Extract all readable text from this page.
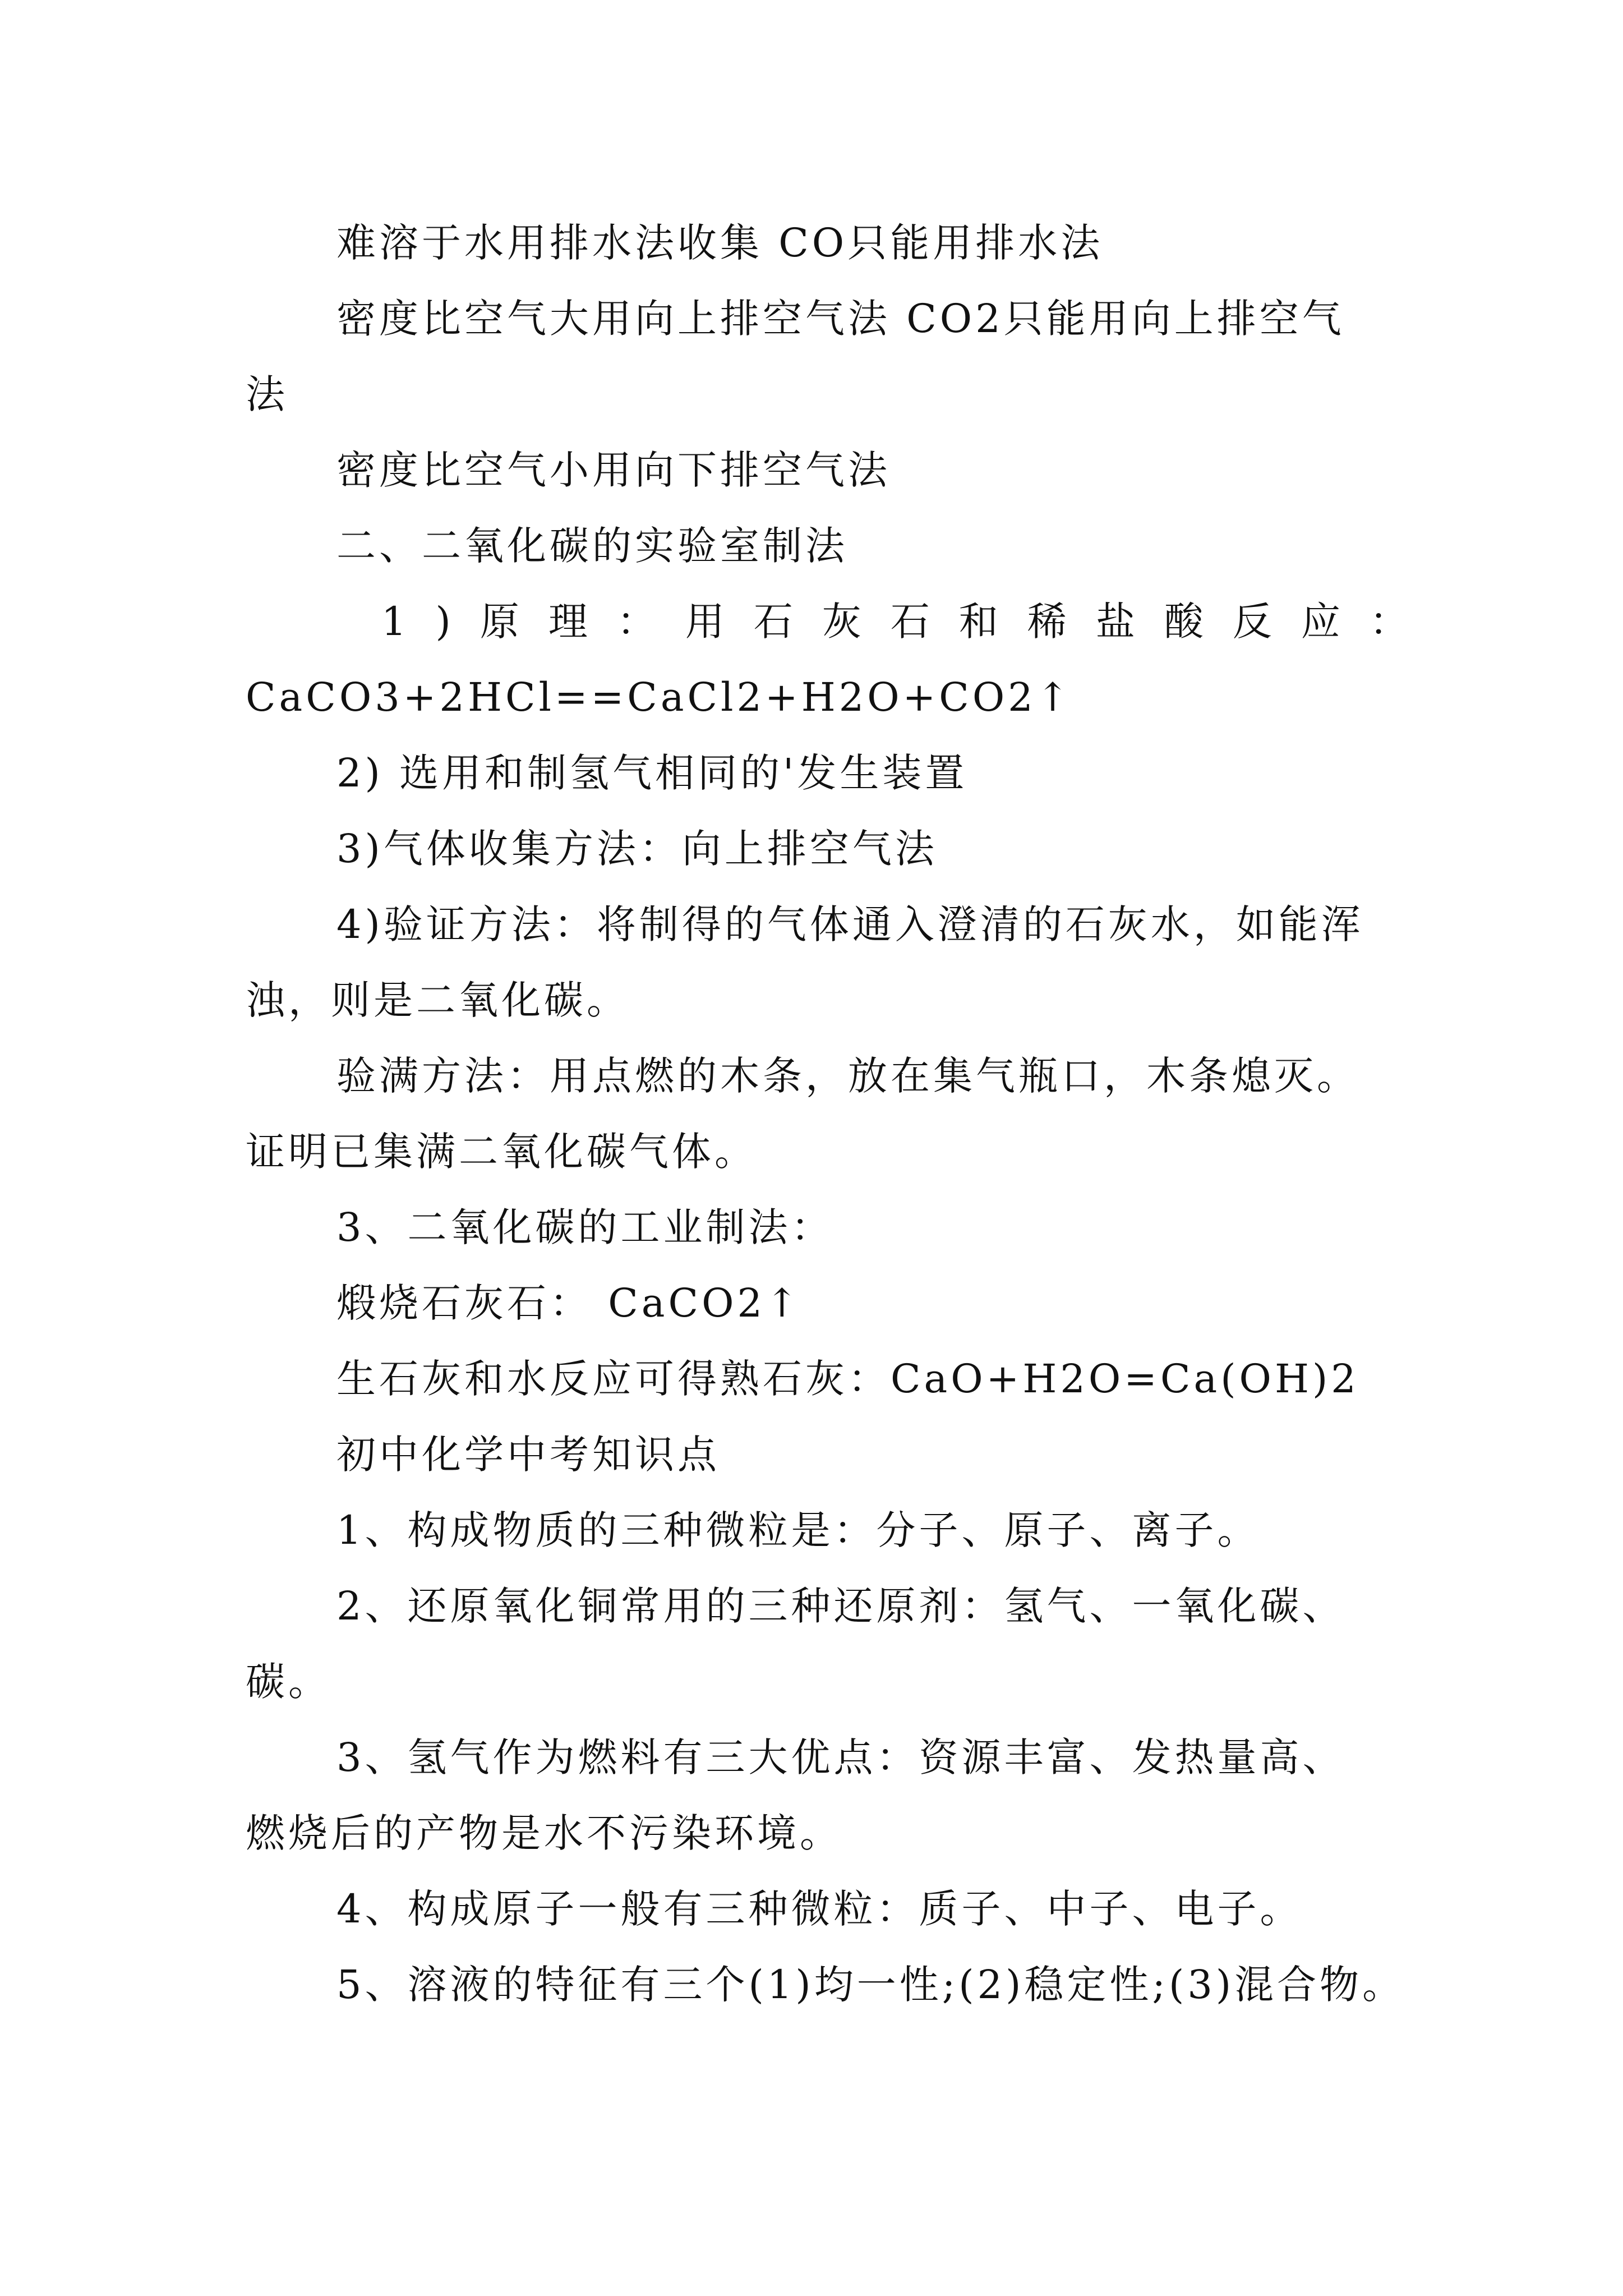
难溶于水用排水法收集 CO只能用排水法
密度比空气大用向上排空气法 CO2只能用向上排空气
法
密度比空气小用向下排空气法
二、二氧化碳的实验室制法
1)原理：用石灰石和稀盐酸反应：
CaCO3+2HCl==CaCl2+H2O+CO2↑
2) 选用和制氢气相同的'发生装置
3)气体收集方法：向上排空气法
4)验证方法：将制得的气体通入澄清的石灰水，如能浑
浊，则是二氧化碳。
验满方法：用点燃的木条，放在集气瓶口，木条熄灭。
证明已集满二氧化碳气体。
3、二氧化碳的工业制法：
煅烧石灰石： CaCO2↑
生石灰和水反应可得熟石灰：CaO+H2O=Ca(OH)2
初中化学中考知识点
1、构成物质的三种微粒是：分子、原子、离子。
2、还原氧化铜常用的三种还原剂：氢气、一氧化碳、
碳。
3、氢气作为燃料有三大优点：资源丰富、发热量高、
燃烧后的产物是水不污染环境。
4、构成原子一般有三种微粒：质子、中子、电子。
5、溶液的特征有三个(1)均一性;(2)稳定性;(3)混合物。
